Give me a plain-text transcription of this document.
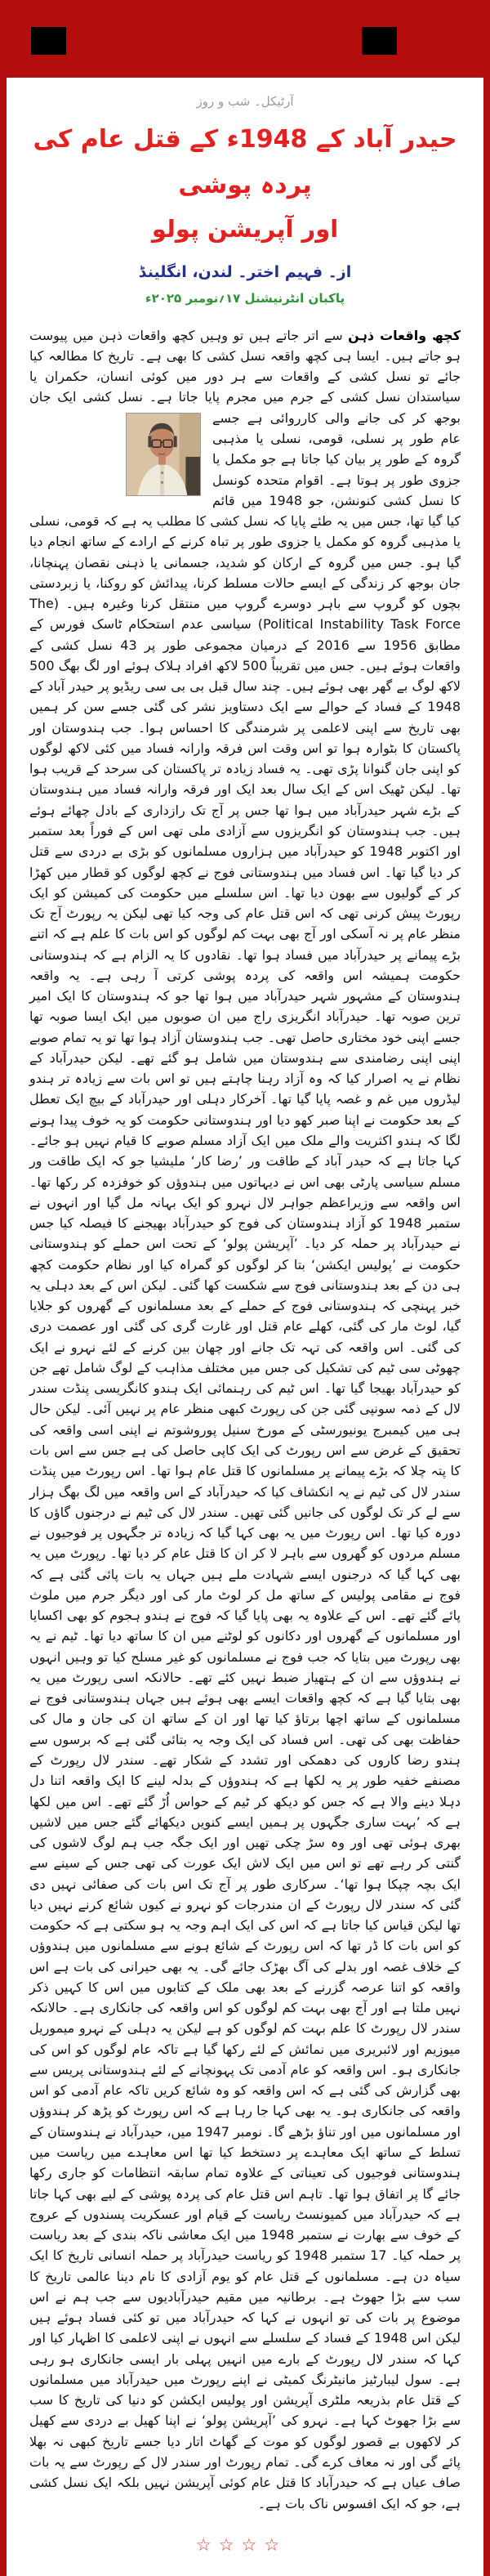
آرٹیکل۔ شب و روز
حیدر آباد کے 1948ء کے قتل عام کی پردہ پوشی
اور آپریشن پولو
از۔ فہیم اختر۔ لندن، انگلینڈ
پاکبان انٹرنیشنل ۱۷؍نومبر ۲۰۲۵ء

کچھ واقعات ذہن سے اتر جاتے ہیں تو وہیں کچھ واقعات ذہن میں پیوست ہو جاتے ہیں۔ ایسا ہی کچھ واقعہ نسل کشی کا بھی ہے۔ تاریخ کا مطالعہ کیا جائے تو نسل کشی کے واقعات سے ہر دور میں کوئی انسان، حکمران یا سیاستدان نسل کشی کے جرم میں مجرم پایا جاتا ہے۔
نسل کشی ایک جان بوجھ کر کی جانے والی کارروائی ہے جسے عام طور پر نسلی، قومی، نسلی یا مذہبی گروہ کے طور پر بیان کیا جاتا ہے جو مکمل یا جزوی طور پر ہوتا ہے۔ اقوام متحدہ کونسل کا نسل کشی کنونشن، جو 1948 میں قائم کیا گیا تھا، جس میں یہ طئے پایا کہ نسل کشی کا مطلب یہ ہے کہ قومی، نسلی یا مذہبی گروہ کو مکمل یا جزوی طور پر تباہ کرنے کے ارادے کے ساتھ انجام دیا گیا ہو۔ جس میں گروہ کے ارکان کو شدید، جسمانی یا ذہنی نقصان پہنچانا، جان بوجھ کر زندگی کے ایسے حالات مسلط کرنا، پیدائش کو روکنا، یا زبردستی بچوں کو گروپ سے باہر دوسرے گروپ میں منتقل کرنا وغیرہ ہیں۔ (The Political Instability Task Force) سیاسی عدم استحکام ٹاسک فورس کے مطابق 1956 سے 2016 کے درمیان مجموعی طور پر 43 نسل کشی کے واقعات ہوئے ہیں۔ جس میں تقریباً 500 لاکھ افراد ہلاک ہوئے اور لگ بھگ 500 لاکھ لوگ بے گھر بھی ہوئے ہیں۔ چند سال قبل بی بی سی ریڈیو پر حیدر آباد کے 1948 کے فساد کے حوالے سے ایک دستاویز نشر کی گئی جسے سن کر ہمیں بھی تاریخ سے اپنی لاعلمی پر شرمندگی کا احساس ہوا۔ جب ہندوستان اور پاکستان کا بٹوارہ ہوا تو اس وقت اس فرقہ وارانہ فساد میں کئی لاکھ لوگوں کو اپنی جان گنوانا پڑی تھی۔ یہ فساد زیادہ تر پاکستان کی سرحد کے قریب ہوا تھا۔ لیکن ٹھیک اس کے ایک سال بعد ایک اور فرقہ وارانہ فساد میں ہندوستان کے بڑے شہر حیدرآباد میں ہوا تھا جس پر آج تک رازداری کے بادل چھائے ہوئے ہیں۔ جب ہندوستان کو انگریزوں سے آزادی ملی تھی اس کے فوراً بعد ستمبر اور اکتوبر 1948 کو حیدرآباد میں ہزاروں مسلمانوں کو بڑی بے دردی سے قتل کر دیا گیا تھا۔ اس فساد میں ہندوستانی فوج نے کچھ لوگوں کو قطار میں کھڑا کر کے گولیوں سے بھون دیا تھا۔ اس سلسلے میں حکومت کی کمیشن کو ایک رپورٹ پیش کرنی تھی کہ اس قتل عام کی وجہ کیا تھی لیکن یہ رپورٹ آج تک منظر عام پر نہ آسکی اور آج بھی بہت کم لوگوں کو اس بات کا علم ہے کہ اتنے بڑے پیمانے پر حیدرآباد میں فساد ہوا تھا۔ نقادوں کا یہ الزام ہے کہ ہندوستانی حکومت ہمیشہ اس واقعہ کی پردہ پوشی کرتی آ رہی ہے۔ یہ واقعہ ہندوستان کے مشہور شہر حیدرآباد میں ہوا تھا جو کہ ہندوستان کا ایک امیر ترین صوبہ تھا۔ حیدرآباد انگریزی راج میں ان صوبوں میں ایک ایسا صوبہ تھا جسے اپنی خود مختاری حاصل تھی۔ جب ہندوستان آزاد ہوا تھا تو یہ تمام صوبے اپنی اپنی رضامندی سے ہندوستان میں شامل ہو گئے تھے۔ لیکن حیدرآباد کے نظام نے یہ اصرار کیا کہ وہ آزاد رہنا چاہتے ہیں تو اس بات سے زیادہ تر ہندو لیڈروں میں غم و غصہ پایا گیا تھا۔ آخرکار دہلی اور حیدرآباد کے بیچ ایک تعطل کے بعد حکومت نے اپنا صبر کھو دیا اور ہندوستانی حکومت کو یہ خوف پیدا ہونے لگا کہ ہندو اکثریت والے ملک میں ایک آزاد مسلم صوبے کا قیام نہیں ہو جائے۔ کہا جاتا ہے کہ حیدر آباد کے طاقت ور ’رضا کار‘ ملیشیا جو کہ ایک طاقت ور مسلم سیاسی پارٹی بھی اس نے دیہاتوں میں ہندوؤں کو خوفزدہ کر رکھا تھا۔ اس واقعہ سے وزیراعظم جواہر لال نہرو کو ایک بہانہ مل گیا اور انہوں نے ستمبر 1948 کو آزاد ہندوستان کی فوج کو حیدرآباد بھیجنے کا فیصلہ کیا جس نے حیدرآباد پر حملہ کر دیا۔ ’آپریشن پولو‘ کے تحت اس حملے کو ہندوستانی حکومت نے ’پولیس ایکشن‘ بتا کر لوگوں کو گمراہ کیا اور نظام حکومت کچھ ہی دن کے بعد ہندوستانی فوج سے شکست کھا گئی۔ لیکن اس کے بعد دہلی یہ خبر پہنچی کہ ہندوستانی فوج کے حملے کے بعد مسلمانوں کے گھروں کو جلایا گیا، لوٹ مار کی گئی، کھلے عام قتل اور غارت گری کی گئی اور عصمت دری کی گئی۔ اس واقعہ کی تہہ تک جانے اور چھان بین کرنے کے لئے نہرو نے ایک چھوٹی سی ٹیم کی تشکیل کی جس میں مختلف مذاہب کے لوگ شامل تھے جن کو حیدرآباد بھیجا گیا تھا۔ اس ٹیم کی رہنمائی ایک ہندو کانگریسی پنڈت سندر لال کے ذمہ سونپی گئی جن کی رپورٹ کبھی منظر عام پر نہیں آئی۔ لیکن حال ہی میں کیمبرج یونیورسٹی کے مورخ سنیل پوروشوتم نے اپنی اسی واقعہ کی تحقیق کے غرض سے اس رپورٹ کی ایک کاپی حاصل کی ہے جس سے اس بات کا پتہ چلا کہ بڑے پیمانے پر مسلمانوں کا قتل عام ہوا تھا۔ اس رپورٹ میں پنڈت سندر لال کی ٹیم نے یہ انکشاف کیا کہ حیدرآباد کے اس واقعہ میں لگ بھگ ہزار سے لے کر تک لوگوں کی جانیں گئی تھیں۔ سندر لال کی ٹیم نے درجنوں گاؤں کا دورہ کیا تھا۔ اس رپورٹ میں یہ بھی کہا گیا کہ زیادہ تر جگہوں پر فوجیوں نے مسلم مردوں کو گھروں سے باہر لا کر ان کا قتل عام کر دیا تھا۔ رپورٹ میں یہ بھی کہا گیا کہ درجنوں ایسے شہادت ملے ہیں جہاں یہ بات پائی گئی ہے کہ فوج نے مقامی پولیس کے ساتھ مل کر لوٹ مار کی اور دیگر جرم میں ملوث پائے گئے تھے۔ اس کے علاوہ یہ بھی پایا گیا کہ فوج نے ہندو ہجوم کو بھی اکسایا اور مسلمانوں کے گھروں اور دکانوں کو لوٹنے میں ان کا ساتھ دیا تھا۔ ٹیم نے یہ بھی رپورٹ میں بتایا کہ جب فوج نے مسلمانوں کو غیر مسلح کیا تو وہیں انہوں نے ہندوؤں سے ان کے ہتھیار ضبط نہیں کئے تھے۔ حالانکہ اسی رپورٹ میں یہ بھی بتایا گیا ہے کہ کچھ واقعات ایسے بھی ہوئے ہیں جہاں ہندوستانی فوج نے مسلمانوں کے ساتھ اچھا برتاؤ کیا تھا اور ان کے ساتھ ان کی جان و مال کی حفاظت بھی کی تھی۔ اس فساد کی ایک وجہ یہ بتائی گئی ہے کہ برسوں سے ہندو رضا کاروں کی دھمکی اور تشدد کے شکار تھے۔ سندر لال رپورٹ کے مصنفے خفیہ طور پر یہ لکھا ہے کہ ہندوؤں کے بدلہ لینے کا ایک واقعہ اتنا دل دہلا دینے والا ہے کہ جس کو دیکھ کر ٹیم کے حواس اُڑ گئے تھے۔ اس میں لکھا ہے کہ ’بہت ساری جگہوں پر ہمیں ایسے کنویں دیکھائے گئے جس میں لاشیں بھری ہوئی تھی اور وہ سڑ چکی تھیں اور ایک جگہ جب ہم لوگ لاشوں کی گنتی کر رہے تھے تو اس میں ایک لاش ایک عورت کی تھی جس کے سینے سے ایک بچہ چپکا ہوا تھا‘۔ سرکاری طور پر آج تک اس بات کی صفائی نہیں دی گئی کہ سندر لال رپورٹ کے ان مندرجات کو نہرو نے کیوں شائع کرنے نہیں دیا تھا لیکن قیاس کیا جاتا ہے کہ اس کی ایک اہم وجہ یہ ہو سکتی ہے کہ حکومت کو اس بات کا ڈر تھا کہ اس رپورٹ کے شائع ہونے سے مسلمانوں میں ہندوؤں کے خلاف غصہ اور بدلے کی آگ بھڑک جائے گی۔ یہ بھی حیرانی کی بات ہے اس واقعہ کو اتنا عرصہ گزرنے کے بعد بھی ملک کے کتابوں میں اس کا کہیں ذکر نہیں ملتا ہے اور آج بھی بہت کم لوگوں کو اس واقعہ کی جانکاری ہے۔ حالانکہ سندر لال رپورٹ کا علم بہت کم لوگوں کو ہے لیکن یہ دہلی کے نہرو میموریل میوزیم اور لائبریری میں نمائش کے لئے رکھا گیا ہے تاکہ عام لوگوں کو اس کی جانکاری ہو۔ اس واقعہ کو عام آدمی تک پہونچانے کے لئے ہندوستانی پریس سے بھی گزارش کی گئی ہے کہ اس واقعہ کو وہ شائع کریں تاکہ عام آدمی کو اس واقعہ کی جانکاری ہو۔ یہ بھی کہا جا رہا ہے کہ اس رپورٹ کو پڑھ کر ہندوؤں اور مسلمانوں میں اور تناؤ بڑھے گا۔ نومبر 1947 میں، حیدرآباد نے ہندوستان کے تسلط کے ساتھ ایک معاہدے پر دستخط کیا تھا اس معاہدے میں ریاست میں ہندوستانی فوجیوں کی تعیناتی کے علاوہ تمام سابقہ انتظامات کو جاری رکھا جائے گا پر اتفاق ہوا تھا۔ تاہم اس قتل عام کی پردہ پوشی کے لیے بھی کہا جاتا ہے کہ حیدرآباد میں کمیونسٹ ریاست کے قیام اور عسکریت پسندوں کے عروج کے خوف سے بھارت نے ستمبر 1948 میں ایک معاشی ناکہ بندی کے بعد ریاست پر حملہ کیا۔ 17 ستمبر 1948 کو ریاست حیدرآباد پر حملہ انسانی تاریخ کا ایک سیاہ دن ہے۔ مسلمانوں کے قتل عام کو یوم آزادی کا نام دینا عالمی تاریخ کا سب سے بڑا جھوٹ ہے۔ برطانیہ میں مقیم حیدرآبادیوں سے جب ہم نے اس موضوع پر بات کی تو انہوں نے کہا کہ حیدرآباد میں تو کئی فساد ہوئے ہیں لیکن اس 1948 کے فساد کے سلسلے سے انہوں نے اپنی لاعلمی کا اظہار کیا اور کہا کہ سندر لال رپورٹ کے بارے میں انہیں پہلی بار ایسی جانکاری ہو رہی ہے۔ سول لیبارٹیز مانیٹرنگ کمیٹی نے اپنے رپورٹ میں حیدرآباد میں مسلمانوں کے قتل عام بذریعہ ملٹری آپریشن اور پولیس ایکشن کو دنیا کی تاریخ کا سب سے بڑا جھوٹ کہا ہے۔ نہرو کی ’آپریشن پولو‘ نے اپنا کھیل بے دردی سے کھیل کر لاکھوں بے قصور لوگوں کو موت کے گھاٹ اتار دیا جسے تاریخ کبھی نہ بھلا پائے گی اور نہ معاف کرے گی۔ تمام رپورٹ اور سندر لال کے رپورٹ سے یہ بات صاف عیاں ہے کہ حیدرآباد کا قتل عام کوئی آپریشن نہیں بلکہ ایک نسل کشی ہے، جو کہ ایک افسوس ناک بات ہے۔

☆☆☆☆
